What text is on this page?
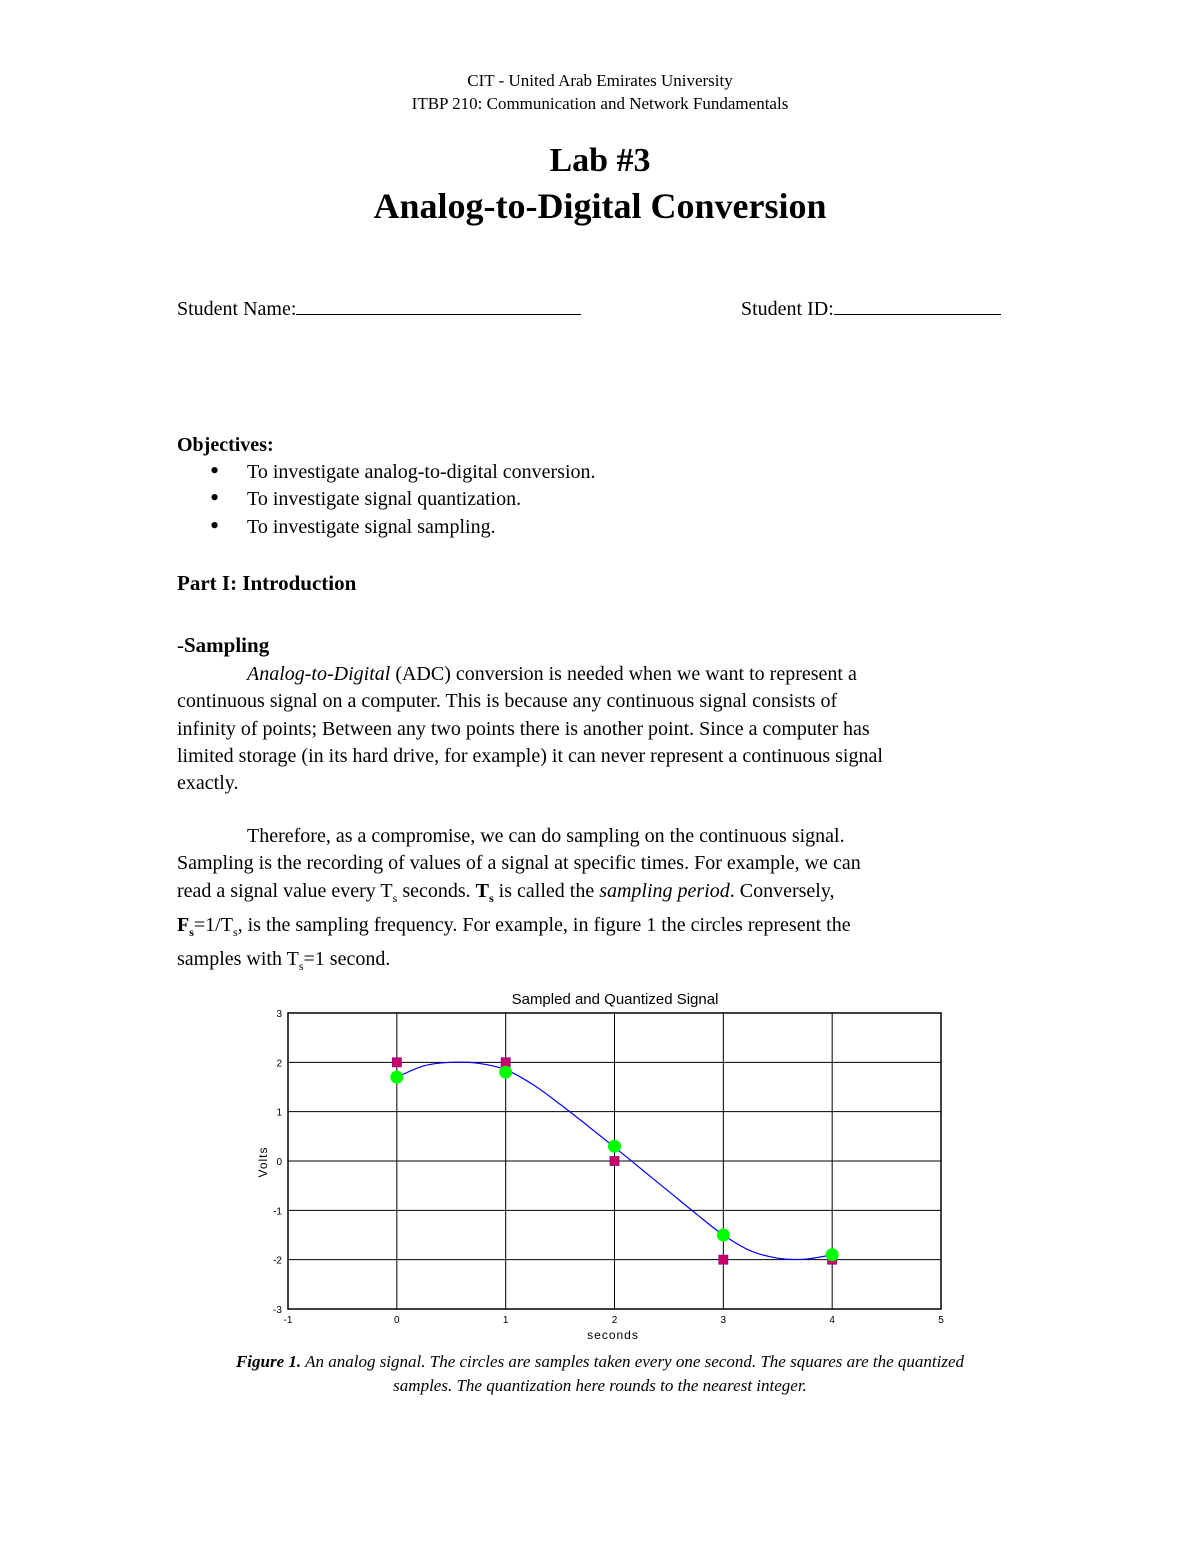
CIT - United Arab Emirates University
ITBP 210: Communication and Network Fundamentals
Lab #3
Analog-to-Digital Conversion
Student Name:	Student ID:
Objectives:
• To investigate analog-to-digital conversion.
• To investigate signal quantization.
• To investigate signal sampling.
Part I: Introduction
-Sampling
Analog-to-Digital (ADC) conversion is needed when we want to represent a
continuous signal on a computer. This is because any continuous signal consists of
infinity of points; Between any two points there is another point. Since a computer has
limited storage (in its hard drive, for example) it can never represent a continuous signal
exactly.
Therefore, as a compromise, we can do sampling on the continuous signal.
Sampling is the recording of values of a signal at specific times. For example, we can
read a signal value every $T_s$ seconds. $T_s$ is called the sampling period. Conversely,
$F_s=1/T_s$, is the sampling frequency. For example, in figure 1 the circles represent the
samples with $T_s=1$ second.
Sampled and Quantized Signal
-1	0	1	2	3	4	5
3
2
1
0
-1
-2
-3
seconds
Volts
Figure 1. An analog signal. The circles are samples taken every one second. The squares are the quantized
samples. The quantization here rounds to the nearest integer.
